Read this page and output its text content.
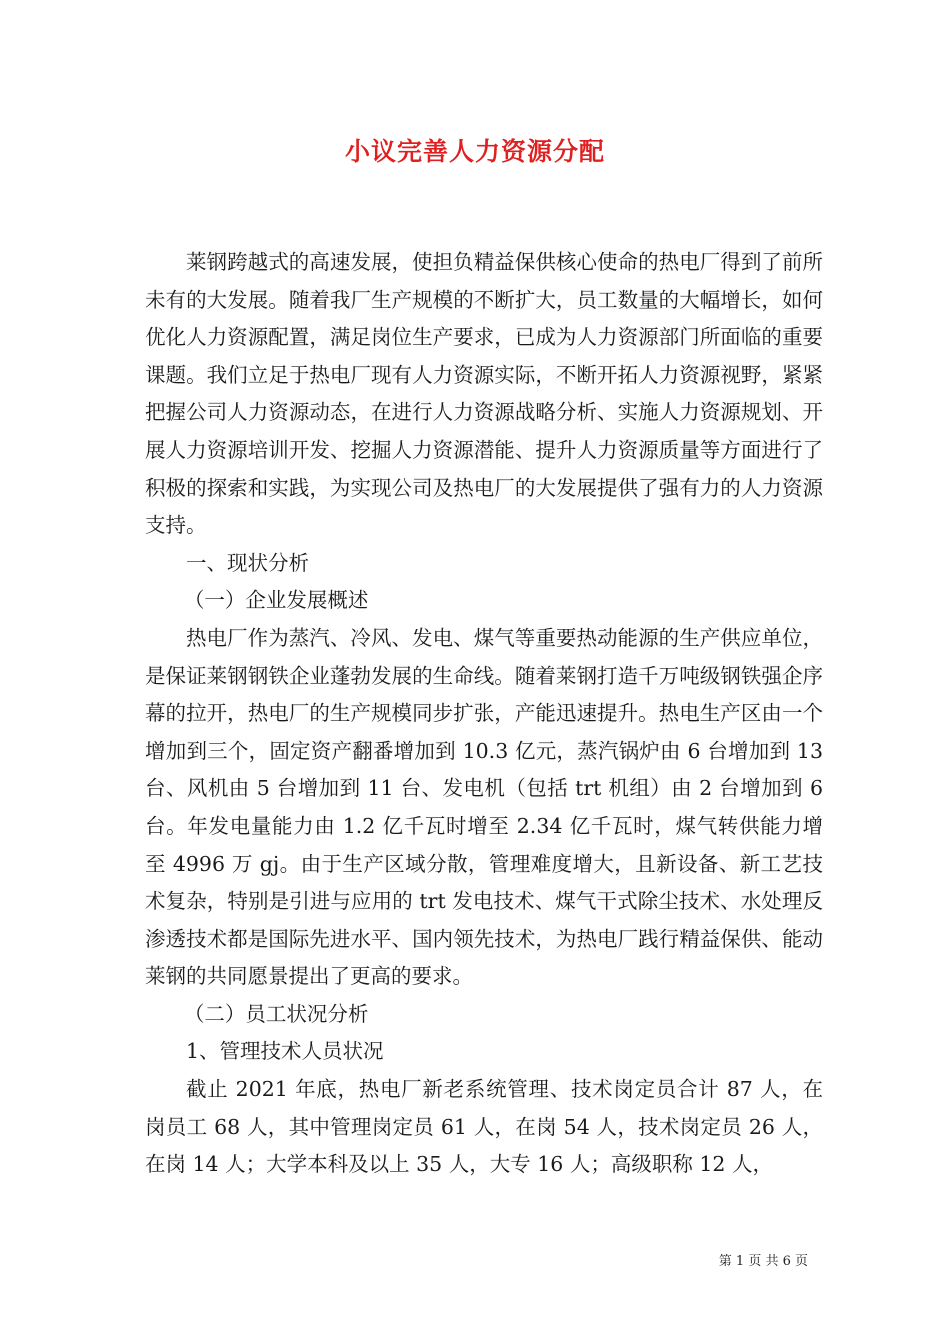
小议完善人力资源分配

莱钢跨越式的高速发展，使担负精益保供核心使命的热电厂得到了前所未有的大发展。随着我厂生产规模的不断扩大，员工数量的大幅增长，如何优化人力资源配置，满足岗位生产要求，已成为人力资源部门所面临的重要课题。我们立足于热电厂现有人力资源实际，不断开拓人力资源视野，紧紧把握公司人力资源动态，在进行人力资源战略分析、实施人力资源规划、开展人力资源培训开发、挖掘人力资源潜能、提升人力资源质量等方面进行了积极的探索和实践，为实现公司及热电厂的大发展提供了强有力的人力资源支持。

一、现状分析

（一）企业发展概述

热电厂作为蒸汽、冷风、发电、煤气等重要热动能源的生产供应单位，是保证莱钢钢铁企业蓬勃发展的生命线。随着莱钢打造千万吨级钢铁强企序幕的拉开，热电厂的生产规模同步扩张，产能迅速提升。热电生产区由一个增加到三个，固定资产翻番增加到 10.3 亿元，蒸汽锅炉由 6 台增加到 13 台、风机由 5 台增加到 11 台、发电机（包括 trt 机组）由 2 台增加到 6 台。年发电量能力由 1.2 亿千瓦时增至 2.34 亿千瓦时，煤气转供能力增至 4996 万 gj。由于生产区域分散，管理难度增大，且新设备、新工艺技术复杂，特别是引进与应用的 trt 发电技术、煤气干式除尘技术、水处理反渗透技术都是国际先进水平、国内领先技术，为热电厂践行精益保供、能动莱钢的共同愿景提出了更高的要求。

（二）员工状况分析

1、管理技术人员状况

截止 2021 年底，热电厂新老系统管理、技术岗定员合计 87 人，在岗员工 68 人，其中管理岗定员 61 人，在岗 54 人，技术岗定员 26 人，在岗 14 人；大学本科及以上 35 人，大专 16 人；高级职称 12 人，

第 1 页 共 6 页
